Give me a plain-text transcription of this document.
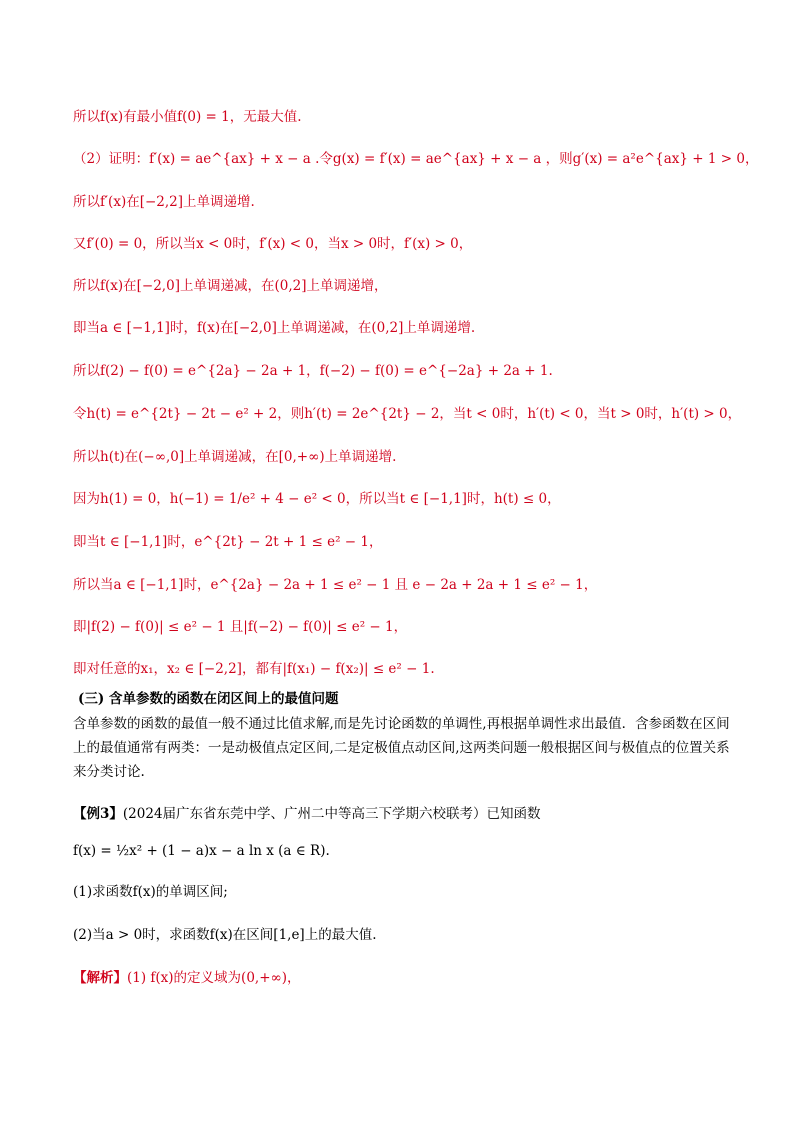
所以f(x)有最小值f(0) = 1，无最大值.
（2）证明：f′(x) = ae^{ax} + x − a .令g(x) = f′(x) = ae^{ax} + x − a ，则g′(x) = a²e^{ax} + 1 > 0，
所以f′(x)在[−2,2]上单调递增.
又f′(0) = 0，所以当x < 0时，f′(x) < 0，当x > 0时，f′(x) > 0，
所以f(x)在[−2,0]上单调递减，在(0,2]上单调递增，
即当a ∈ [−1,1]时，f(x)在[−2,0]上单调递减，在(0,2]上单调递增.
所以f(2) − f(0) = e^{2a} − 2a + 1，f(−2) − f(0) = e^{−2a} + 2a + 1.
令h(t) = e^{2t} − 2t − e² + 2，则h′(t) = 2e^{2t} − 2，当t < 0时，h′(t) < 0，当t > 0时，h′(t) > 0，
所以h(t)在(−∞,0]上单调递减，在[0,+∞)上单调递增.
因为h(1) = 0，h(−1) = 1/e² + 4 − e² < 0，所以当t ∈ [−1,1]时，h(t) ≤ 0，
即当t ∈ [−1,1]时，e^{2t} − 2t + 1 ≤ e² − 1，
所以当a ∈ [−1,1]时，e^{2a} − 2a + 1 ≤ e² − 1 且 e − 2a + 2a + 1 ≤ e² − 1，
即|f(2) − f(0)| ≤ e² − 1 且|f(−2) − f(0)| ≤ e² − 1，
即对任意的x₁，x₂ ∈ [−2,2]，都有|f(x₁) − f(x₂)| ≤ e² − 1.
(三) 含单参数的函数在闭区间上的最值问题
含单参数的函数的最值一般不通过比值求解,而是先讨论函数的单调性,再根据单调性求出最值．含参函数在区间上的最值通常有两类：一是动极值点定区间,二是定极值点动区间,这两类问题一般根据区间与极值点的位置关系来分类讨论.
【例3】(2024届广东省东莞中学、广州二中等高三下学期六校联考）已知函数
f(x) = ½x² + (1 − a)x − a ln x (a ∈ R).
(1)求函数f(x)的单调区间;
(2)当a > 0时，求函数f(x)在区间[1,e]上的最大值.
【解析】(1) f(x)的定义域为(0,+∞)，
